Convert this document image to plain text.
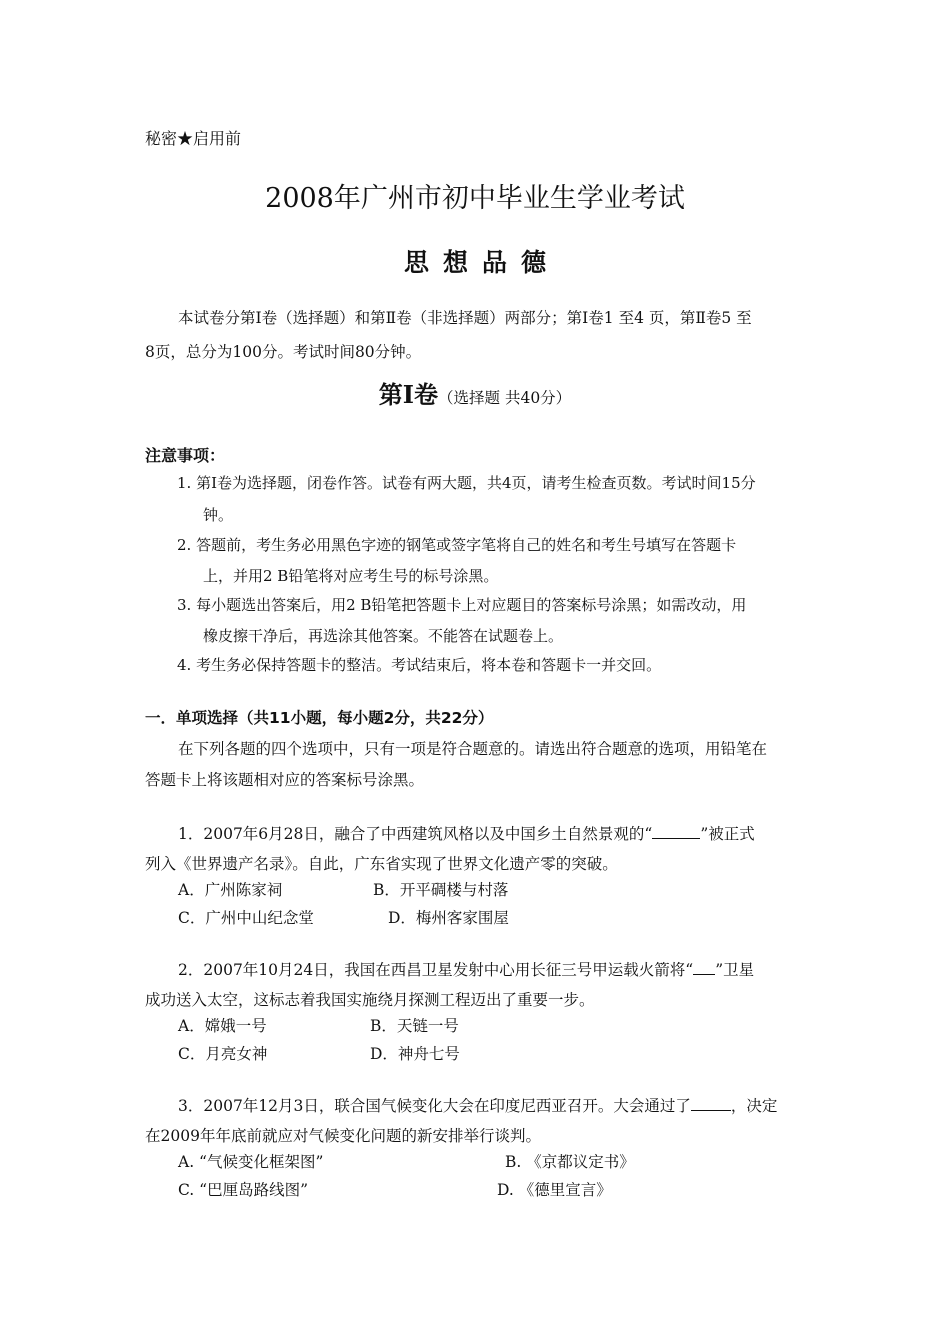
秘密★启用前
2008年广州市初中毕业生学业考试
思想品德
本试卷分第Ⅰ卷（选择题）和第Ⅱ卷（非选择题）两部分；第Ⅰ卷1 至4 页，第Ⅱ卷5 至
8页，总分为100分。考试时间80分钟。
第Ⅰ卷（选择题 共40分）
注意事项：
1. 第Ⅰ卷为选择题，闭卷作答。试卷有两大题，共4页，请考生检查页数。考试时间15分
钟。
2. 答题前，考生务必用黑色字迹的钢笔或签字笔将自己的姓名和考生号填写在答题卡
上，并用2 B铅笔将对应考生号的标号涂黑。
3. 每小题选出答案后，用2 B铅笔把答题卡上对应题目的答案标号涂黑；如需改动，用
橡皮擦干净后，再选涂其他答案。不能答在试题卷上。
4. 考生务必保持答题卡的整洁。考试结束后，将本卷和答题卡一并交回。
一．单项选择（共11小题，每小题2分，共22分）
在下列各题的四个选项中，只有一项是符合题意的。请选出符合题意的选项，用铅笔在
答题卡上将该题相对应的答案标号涂黑。
1．2007年6月28日，融合了中西建筑风格以及中国乡土自然景观的“	”被正式
列入《世界遗产名录》。自此，广东省实现了世界文化遗产零的突破。
A．广州陈家祠	B．开平碉楼与村落
C．广州中山纪念堂	D．梅州客家围屋
2．2007年10月24日，我国在西昌卫星发射中心用长征三号甲运载火箭将“ ”卫星
成功送入太空，这标志着我国实施绕月探测工程迈出了重要一步。
A．嫦娥一号	B．天链一号
C．月亮女神	D．神舟七号
3．2007年12月3日，联合国气候变化大会在印度尼西亚召开。大会通过了	，决定
在2009年年底前就应对气候变化问题的新安排举行谈判。
A. “气候变化框架图”	B. 《京都议定书》
C. “巴厘岛路线图”	D. 《德里宣言》
